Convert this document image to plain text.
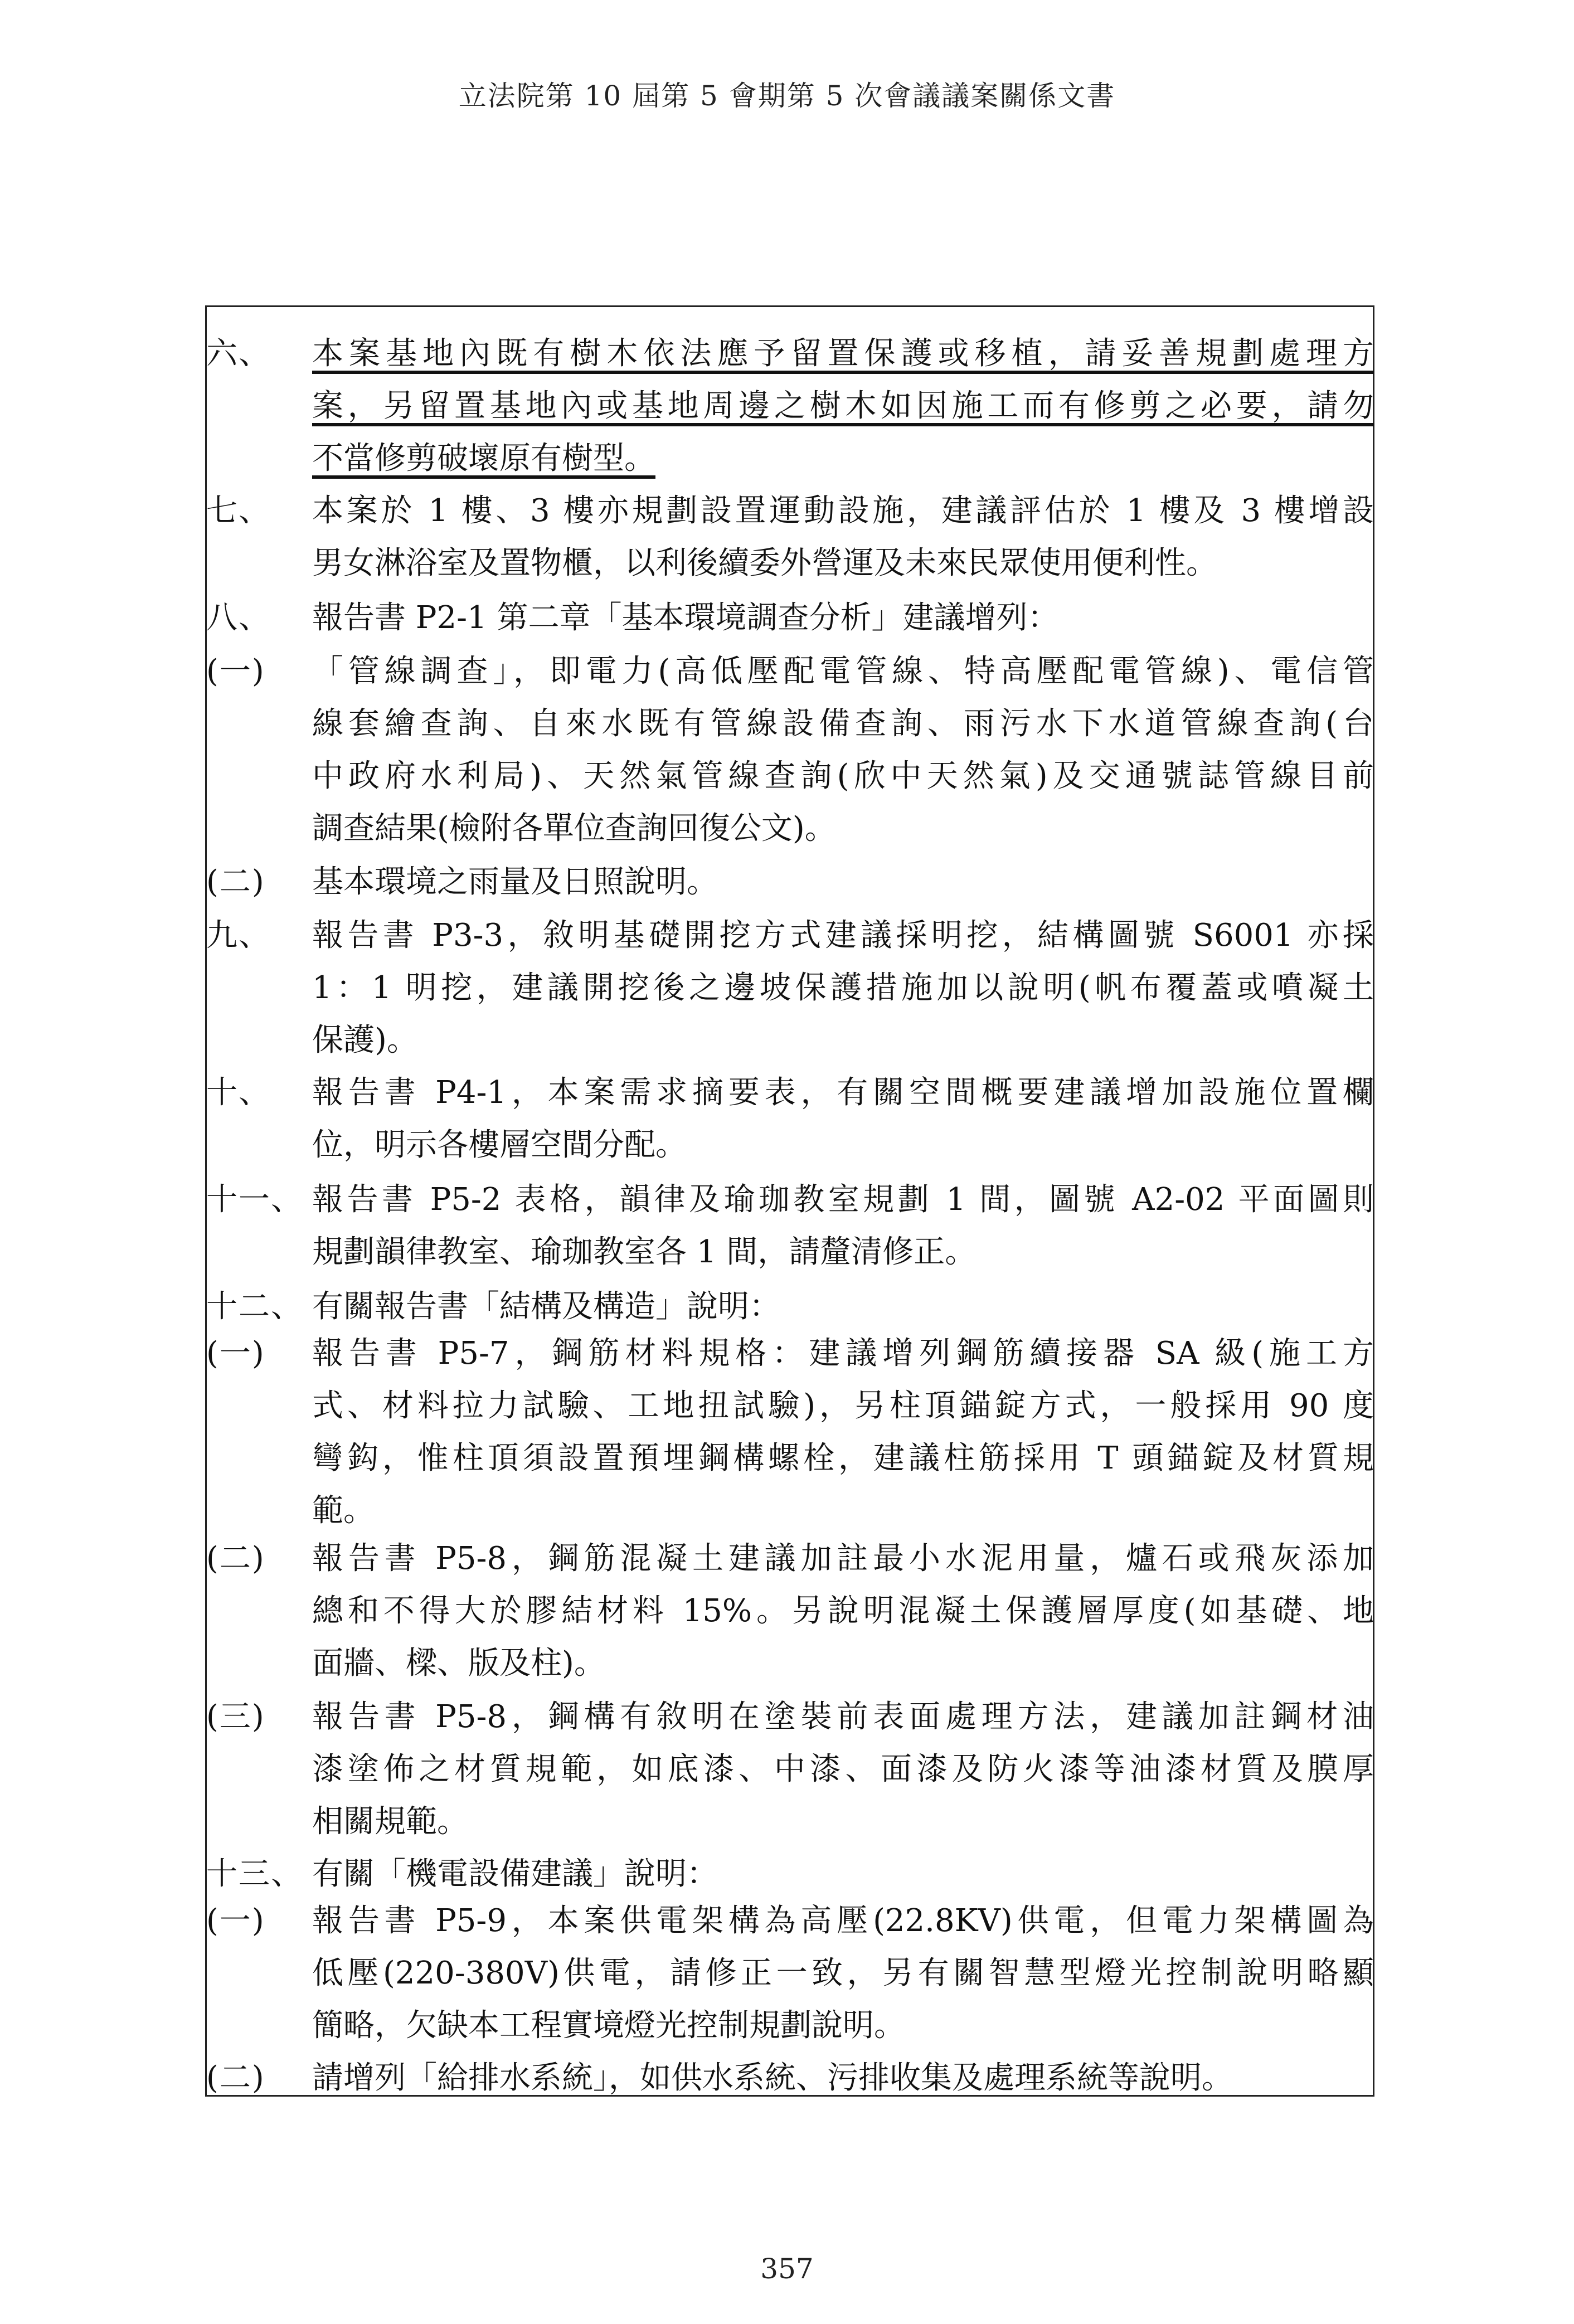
立法院第 10 屆第 5 會期第 5 次會議議案關係文書
六、 本案基地內既有樹木依法應予留置保護或移植，請妥善規劃處理方
案，另留置基地內或基地周邊之樹木如因施工而有修剪之必要，請勿
不當修剪破壞原有樹型。
七、 本案於 1 樓、3 樓亦規劃設置運動設施，建議評估於 1 樓及 3 樓增設
男女淋浴室及置物櫃，以利後續委外營運及未來民眾使用便利性。
八、 報告書 P2-1 第二章「基本環境調查分析」建議增列：
(一) 「管線調查」，即電力(高低壓配電管線、特高壓配電管線)、電信管
線套繪查詢、自來水既有管線設備查詢、雨污水下水道管線查詢(台
中政府水利局)、天然氣管線查詢(欣中天然氣)及交通號誌管線目前
調查結果(檢附各單位查詢回復公文)。
(二) 基本環境之雨量及日照說明。
九、 報告書 P3-3，敘明基礎開挖方式建議採明挖，結構圖號 S6001 亦採
1：1 明挖，建議開挖後之邊坡保護措施加以說明(帆布覆蓋或噴凝土
保護)。
十、 報告書 P4-1，本案需求摘要表，有關空間概要建議增加設施位置欄
位，明示各樓層空間分配。
十一、 報告書 P5-2 表格，韻律及瑜珈教室規劃 1 間，圖號 A2-02 平面圖則
規劃韻律教室、瑜珈教室各 1 間，請釐清修正。
十二、 有關報告書「結構及構造」說明：
(一) 報告書 P5-7，鋼筋材料規格：建議增列鋼筋續接器 SA 級(施工方
式、材料拉力試驗、工地扭試驗)，另柱頂錨錠方式，一般採用 90 度
彎鈎，惟柱頂須設置預埋鋼構螺栓，建議柱筋採用 T 頭錨錠及材質規
範。
(二) 報告書 P5-8，鋼筋混凝土建議加註最小水泥用量，爐石或飛灰添加
總和不得大於膠結材料 15%。另說明混凝土保護層厚度(如基礎、地
面牆、樑、版及柱)。
(三) 報告書 P5-8，鋼構有敘明在塗裝前表面處理方法，建議加註鋼材油
漆塗佈之材質規範，如底漆、中漆、面漆及防火漆等油漆材質及膜厚
相關規範。
十三、 有關「機電設備建議」說明：
(一) 報告書 P5-9，本案供電架構為高壓(22.8KV)供電，但電力架構圖為
低壓(220-380V)供電，請修正一致，另有關智慧型燈光控制說明略顯
簡略，欠缺本工程實境燈光控制規劃說明。
(二) 請增列「給排水系統」，如供水系統、污排收集及處理系統等說明。
357
